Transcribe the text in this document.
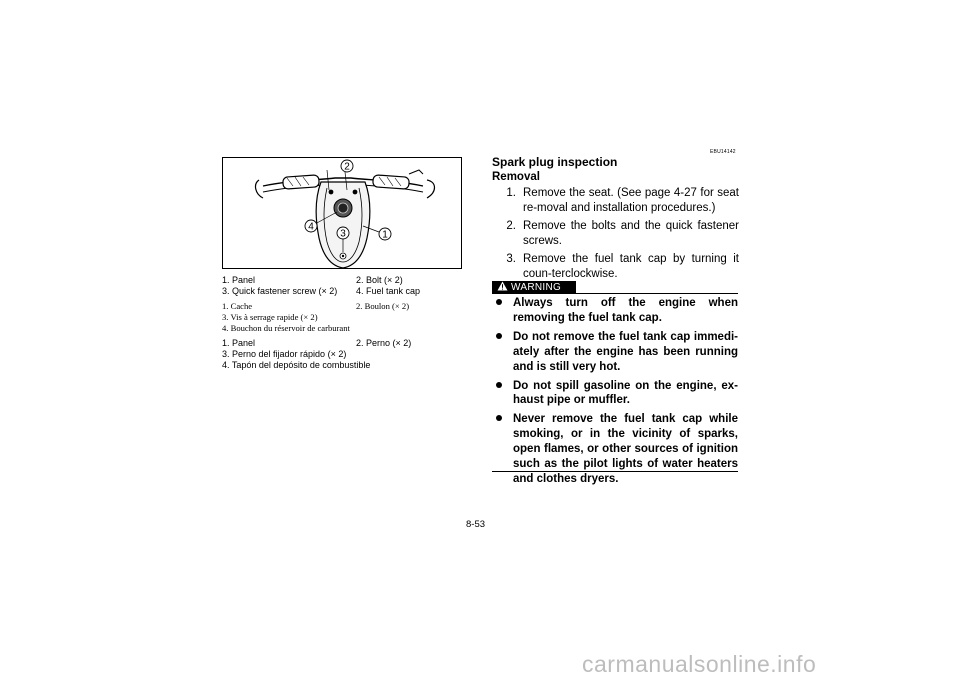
2
4
3	1
1. Panel	2. Bolt (× 2)
3. Quick fastener screw (× 2)	4. Fuel tank cap
1. Cache	2. Boulon (× 2)
3. Vis à serrage rapide (× 2)
4. Bouchon du réservoir de carburant
1. Panel	2. Perno (× 2)
3. Perno del fijador rápido (× 2)
4. Tapón del depósito de combustible
EBU14142
Spark plug inspection
Removal
1. Remove the seat. (See page 4-27 for seat re-moval and installation procedures.)
2. Remove the bolts and the quick fastener screws.
3. Remove the fuel tank cap by turning it coun-terclockwise.
WARNING
Always turn off the engine when removing the fuel tank cap.
Do not remove the fuel tank cap immedi-ately after the engine has been running and is still very hot.
Do not spill gasoline on the engine, ex-haust pipe or muffler.
Never remove the fuel tank cap while smoking, or in the vicinity of sparks, open flames, or other sources of ignition such as the pilot lights of water heaters and clothes dryers.
8-53
carmanualsonline.info
